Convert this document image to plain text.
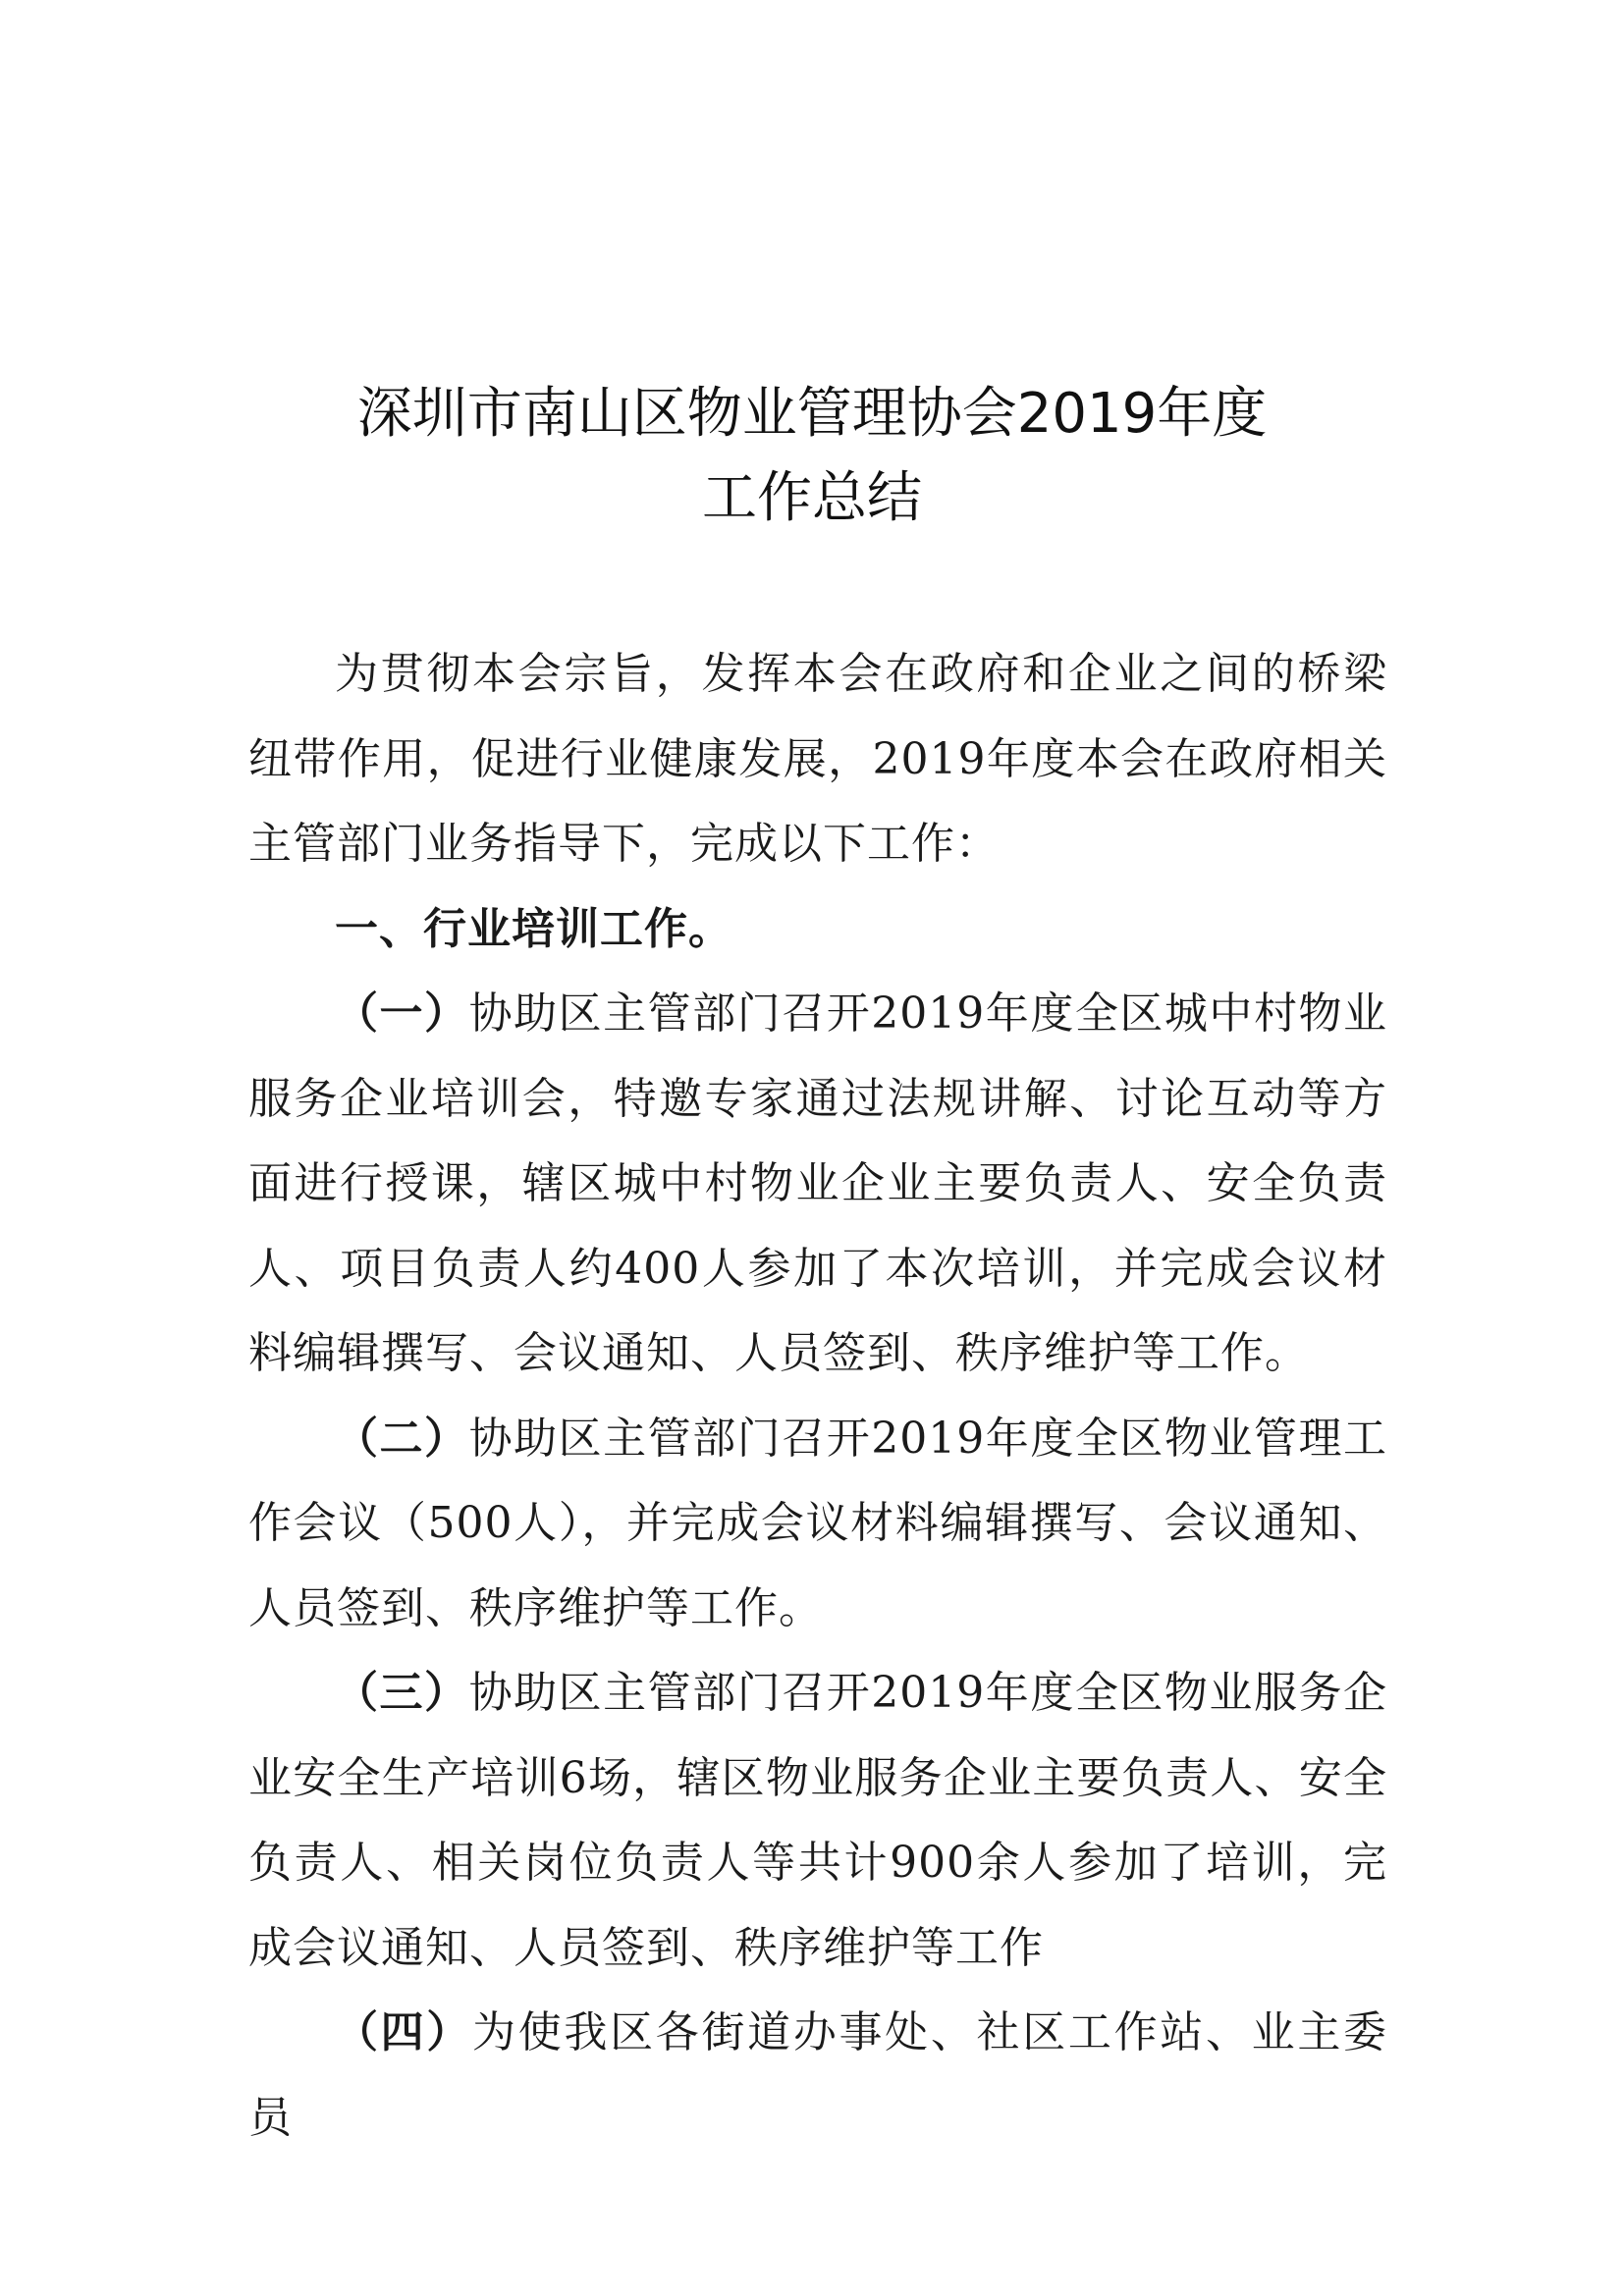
深圳市南山区物业管理协会2019年度
工作总结

为贯彻本会宗旨，发挥本会在政府和企业之间的桥梁纽带作用，促进行业健康发展，2019年度本会在政府相关主管部门业务指导下，完成以下工作：

一、行业培训工作。

（一）协助区主管部门召开2019年度全区城中村物业服务企业培训会，特邀专家通过法规讲解、讨论互动等方面进行授课，辖区城中村物业企业主要负责人、安全负责人、项目负责人约400人参加了本次培训，并完成会议材料编辑撰写、会议通知、人员签到、秩序维护等工作。

（二）协助区主管部门召开2019年度全区物业管理工作会议（500人），并完成会议材料编辑撰写、会议通知、人员签到、秩序维护等工作。

（三）协助区主管部门召开2019年度全区物业服务企业安全生产培训6场，辖区物业服务企业主要负责人、安全负责人、相关岗位负责人等共计900余人参加了培训，完成会议通知、人员签到、秩序维护等工作

（四）为使我区各街道办事处、社区工作站、业主委员
